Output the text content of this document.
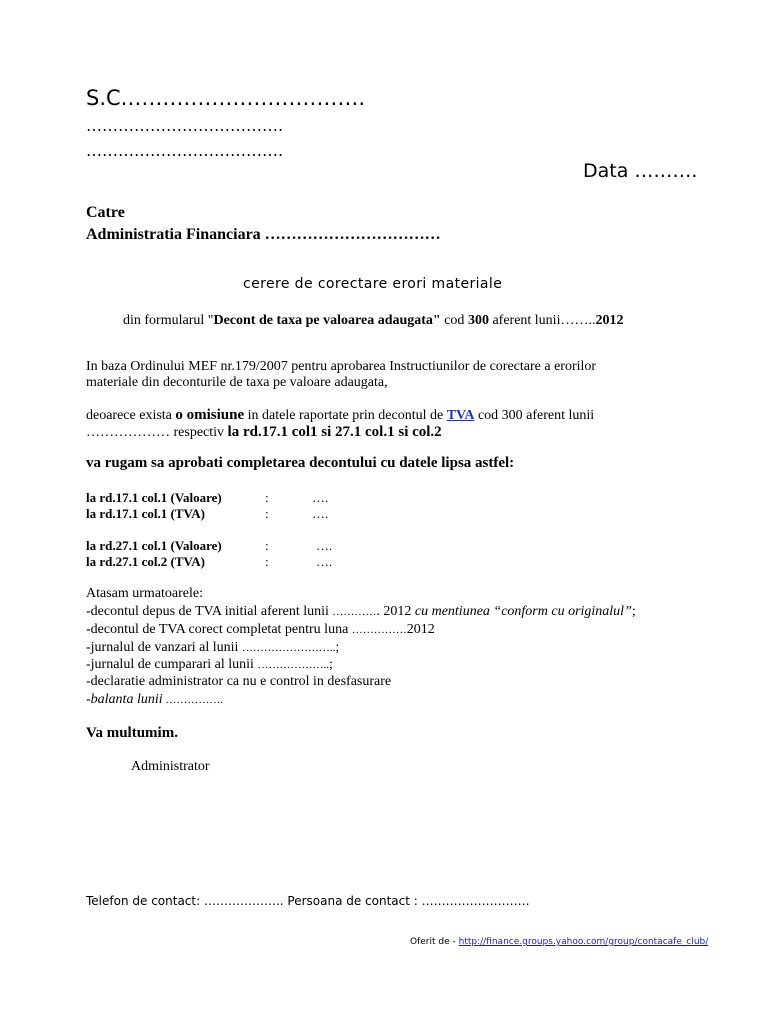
S.C.…………………………….
……………………………….
……………………………….
Data ……….
Catre
Administratia Financiara ……………………………
cerere de corectare erori materiale
din formularul "Decont de taxa pe valoarea adaugata" cod 300 aferent lunii……..2012
In baza Ordinului MEF nr.179/2007 pentru aprobarea Instructiunilor de corectare a erorilor
materiale din deconturile de taxa pe valoare adaugata,
deoarece exista o omisiune in datele raportate prin decontul de TVA cod 300 aferent lunii
……………… respectiv la rd.17.1 col1 si 27.1 col.1 si col.2
va rugam sa aprobati completarea decontului cu datele lipsa astfel:
la rd.17.1 col.1 (Valoare)	:	….
la rd.17.1 col.1 (TVA)	:	….
la rd.27.1 col.1 (Valoare)	:	….
la rd.27.1 col.2 (TVA)	:	….
Atasam urmatoarele:
-decontul depus de TVA initial aferent lunii …………. 2012 cu mentiunea “conform cu originalul”;
-decontul de TVA corect completat pentru luna ……………2012
-jurnalul de vanzari al lunii ……………………..;
-jurnalul de cumparari al lunii ………………..;
-declaratie administrator ca nu e control in desfasurare
-balanta lunii …………….
Va multumim.
Administrator
Telefon de contact: ……………….. Persoana de contact : ………………………
Oferit de - http://finance.groups.yahoo.com/group/contacafe_club/
